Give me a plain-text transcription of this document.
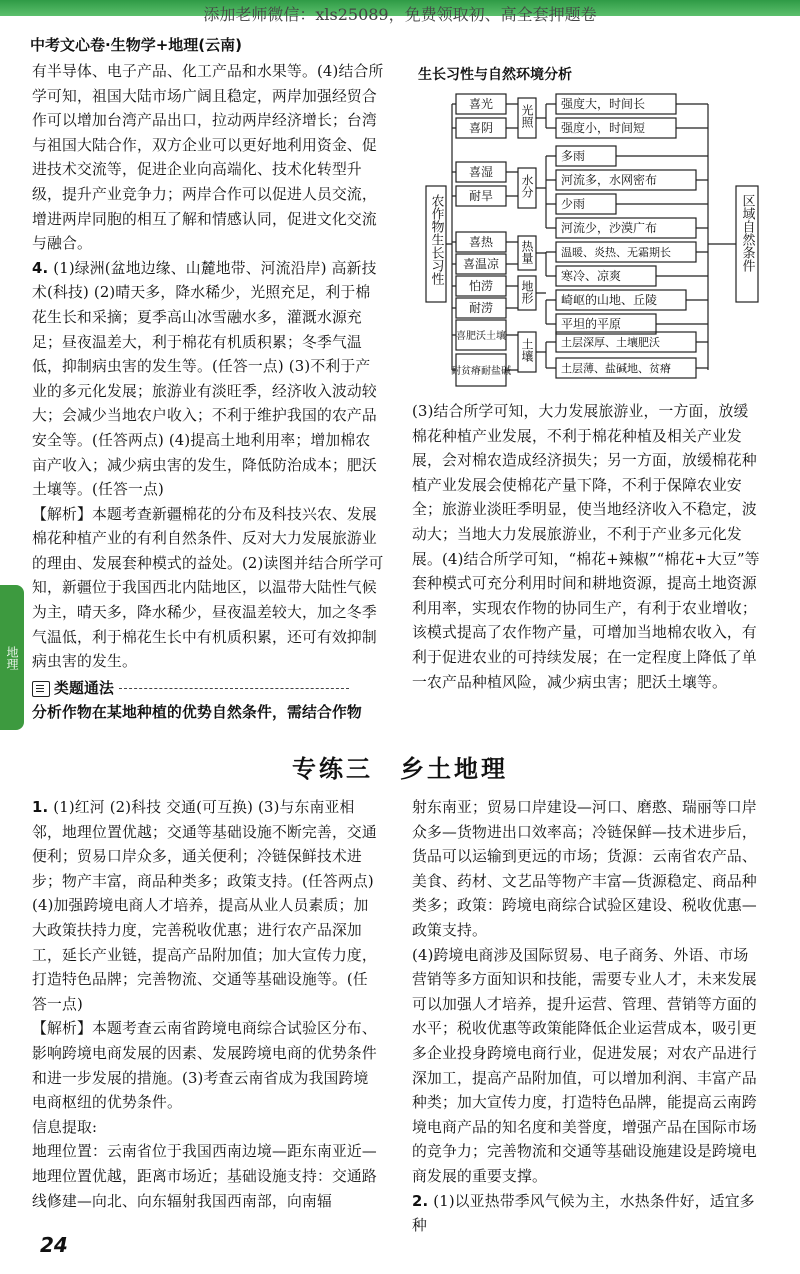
添加老师微信：xls25089，免费领取初、高全套押题卷
中考文心卷·生物学+地理(云南)

有半导体、电子产品、化工产品和水果等。(4)结合所学可知，祖国大陆市场广阔且稳定，两岸加强经贸合作可以增加台湾产品出口，拉动两岸经济增长；台湾与祖国大陆合作，双方企业可以更好地利用资金、促进技术交流等，促进企业向高端化、技术化转型升级，提升产业竞争力；两岸合作可以促进人员交流，增进两岸同胞的相互了解和情感认同，促进文化交流与融合。

4. (1)绿洲(盆地边缘、山麓地带、河流沿岸) 高新技术(科技) (2)晴天多，降水稀少，光照充足，利于棉花生长和采摘；夏季高山冰雪融水多，灌溉水源充足；昼夜温差大，利于棉花有机质积累；冬季气温低，抑制病虫害的发生等。(任答一点) (3)不利于产业的多元化发展；旅游业有淡旺季，经济收入波动较大；会减少当地农户收入；不利于维护我国的农产品安全等。(任答两点) (4)提高土地利用率；增加棉农亩产收入；减少病虫害的发生，降低防治成本；肥沃土壤等。(任答一点)

【解析】本题考查新疆棉花的分布及科技兴农、发展棉花种植产业的有利自然条件、反对大力发展旅游业的理由、发展套种模式的益处。(2)读图并结合所学可知，新疆位于我国西北内陆地区，以温带大陆性气候为主，晴天多，降水稀少，昼夜温差较大，加之冬季气温低，利于棉花生长中有机质积累，还可有效抑制病虫害的发生。

类题通法

分析作物在某地种植的优势自然条件，需结合作物

生长习性与自然环境分析
农作物生长习性	区域自然条件
喜光
喜阴
喜湿
耐旱
喜热
喜温凉
怕涝
耐涝
喜肥沃土壤
耐贫瘠耐盐碱
光照
水分
热量
地形
土壤
强度大，时间长
强度小，时间短
多雨
河流多，水网密布
少雨
河流少，沙漠广布
温暖、炎热、无霜期长
寒冷、凉爽
崎岖的山地、丘陵
平坦的平原
土层深厚、土壤肥沃
土层薄、盐碱地、贫瘠

(3)结合所学可知，大力发展旅游业，一方面，放缓棉花种植产业发展，不利于棉花种植及相关产业发展，会对棉农造成经济损失；另一方面，放缓棉花种植产业发展会使棉花产量下降，不利于保障农业安全；旅游业淡旺季明显，使当地经济收入不稳定，波动大；当地大力发展旅游业，不利于产业多元化发展。(4)结合所学可知，“棉花+辣椒”“棉花+大豆”等套种模式可充分利用时间和耕地资源，提高土地资源利用率，实现农作物的协同生产，有利于农业增收；该模式提高了农作物产量，可增加当地棉农收入，有利于促进农业的可持续发展；在一定程度上降低了单一农产品种植风险，减少病虫害；肥沃土壤等。

地理
专练三　乡土地理

1. (1)红河 (2)科技 交通(可互换) (3)与东南亚相邻，地理位置优越；交通等基础设施不断完善，交通便利；贸易口岸众多，通关便利；冷链保鲜技术进步；物产丰富，商品种类多；政策支持。(任答两点) (4)加强跨境电商人才培养，提高从业人员素质；加大政策扶持力度，完善税收优惠；进行农产品深加工，延长产业链，提高产品附加值；加大宣传力度，打造特色品牌；完善物流、交通等基础设施等。(任答一点)

【解析】本题考查云南省跨境电商综合试验区分布、影响跨境电商发展的因素、发展跨境电商的优势条件和进一步发展的措施。(3)考查云南省成为我国跨境电商枢纽的优势条件。

信息提取:

地理位置：云南省位于我国西南边境—距东南亚近—地理位置优越，距离市场近；基础设施支持：交通路线修建—向北、向东辐射我国西南部，向南辐

射东南亚；贸易口岸建设—河口、磨憨、瑞丽等口岸众多—货物进出口效率高；冷链保鲜—技术进步后，货品可以运输到更远的市场；货源：云南省农产品、美食、药材、文艺品等物产丰富—货源稳定、商品种类多；政策：跨境电商综合试验区建设、税收优惠—政策支持。

(4)跨境电商涉及国际贸易、电子商务、外语、市场营销等多方面知识和技能，需要专业人才，未来发展可以加强人才培养，提升运营、管理、营销等方面的水平；税收优惠等政策能降低企业运营成本，吸引更多企业投身跨境电商行业，促进发展；对农产品进行深加工，提高产品附加值，可以增加利润、丰富产品种类；加大宣传力度，打造特色品牌，能提高云南跨境电商产品的知名度和美誉度，增强产品在国际市场的竞争力；完善物流和交通等基础设施建设是跨境电商发展的重要支撑。

2. (1)以亚热带季风气候为主，水热条件好，适宜多种

24
